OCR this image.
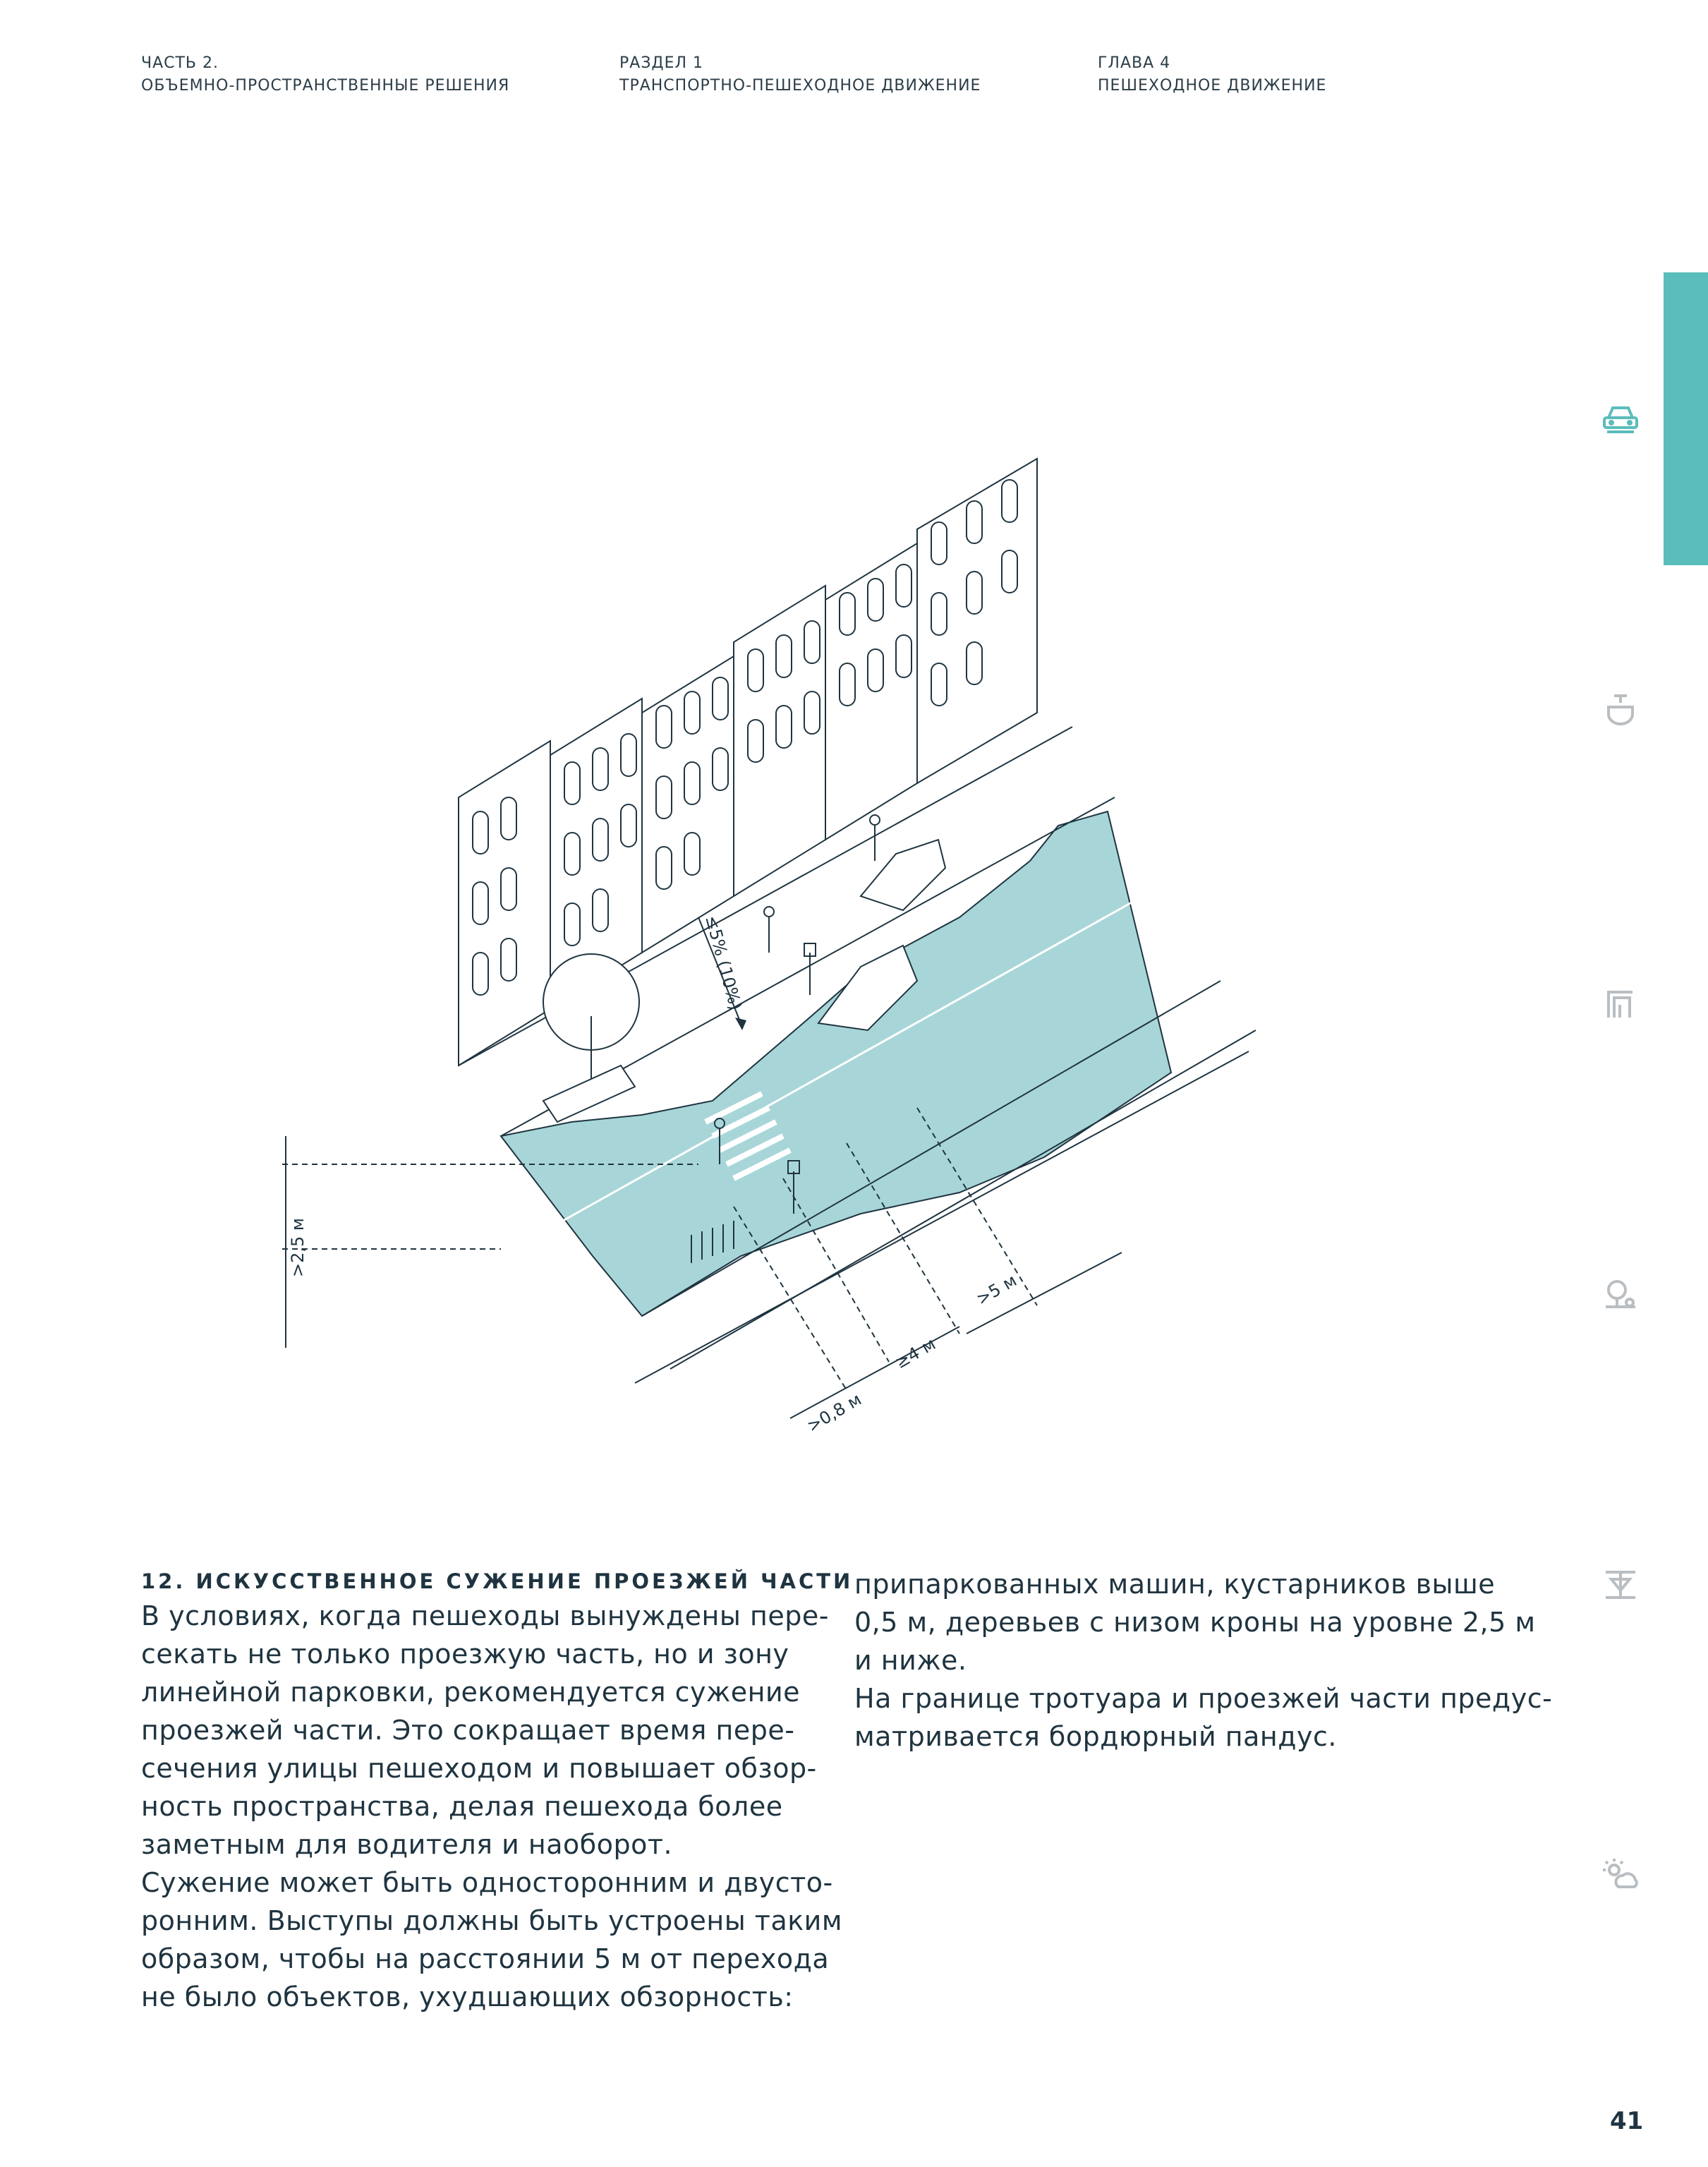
ЧАСТЬ 2.
ОБЪЕМНО-ПРОСТРАНСТВЕННЫЕ РЕШЕНИЯ
РАЗДЕЛ 1
ТРАНСПОРТНО-ПЕШЕХОДНОЕ ДВИЖЕНИЕ
ГЛАВА 4
ПЕШЕХОДНОЕ ДВИЖЕНИЕ
≤5% (10%)
>2,5 м
>0,8 м
≥4 м
>5 м
12. ИСКУССТВЕННОЕ СУЖЕНИЕ ПРОЕЗЖЕЙ ЧАСТИ
В условиях, когда пешеходы вынуждены пере-
секать не только проезжую часть, но и зону
линейной парковки, рекомендуется сужение
проезжей части. Это сокращает время пере-
сечения улицы пешеходом и повышает обзор-
ность пространства, делая пешехода более
заметным для водителя и наоборот.
Сужение может быть односторонним и двусто-
ронним. Выступы должны быть устроены таким
образом, чтобы на расстоянии 5 м от перехода
не было объектов, ухудшающих обзорность:
припаркованных машин, кустарников выше
0,5 м, деревьев с низом кроны на уровне 2,5 м
и ниже.
На границе тротуара и проезжей части предус-
матривается бордюрный пандус.
41
